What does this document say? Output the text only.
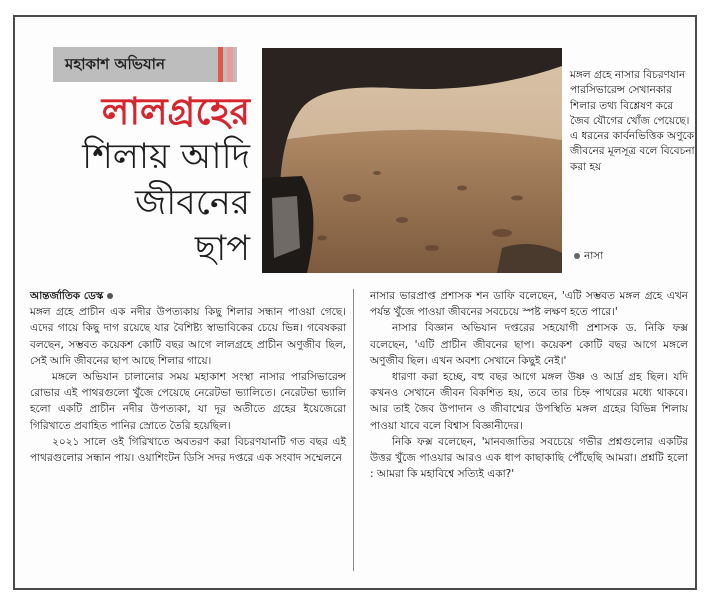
মহাকাশ অভিযান
লালগ্রহের
শিলায় আদি
জীবনের
ছাপ
মঙ্গল গ্রহে নাসার বিচরণযান পারসিভারেন্স সেখানকার শিলার তথ্য বিশ্লেষণ করে জৈব যৌগের খোঁজ পেয়েছে। এ ধরনের কার্বনভিত্তিক অণুকে জীবনের মূলসূত্র বলে বিবেচনা করা হয়
নাসা

আন্তর্জাতিক ডেস্ক

মঙ্গল গ্রহে প্রাচীন এক নদীর উপত্যকায় কিছু শিলার সন্ধান পাওয়া গেছে। এদের গায়ে কিছু দাগ রয়েছে যার বৈশিষ্ট্য স্বাভাবিকের চেয়ে ভিন্ন। গবেষকরা বলছেন, সম্ভবত কয়েকশ কোটি বছর আগে লালগ্রহে প্রাচীন অণুজীব ছিল, সেই আদি জীবনের ছাপ আছে শিলার গায়ে।

মঙ্গলে অভিযান চালানোর সময় মহাকাশ সংস্থা নাসার পারসিভারেন্স রোভার এই পাথরগুলো খুঁজে পেয়েছে নেরেটভা ভ্যালিতে। নেরেটভা ভ্যালি হলো একটি প্রাচীন নদীর উপত্যকা, যা দূর অতীতে গ্রহের ইয়েজেরো গিরিখাতে প্রবাহিত পানির স্রোতে তৈরি হয়েছিল।

২০২১ সালে ওই গিরিখাতে অবতরণ করা বিচরণযানটি গত বছর এই পাথরগুলোর সন্ধান পায়। ওয়াশিংটন ডিসি সদর দপ্তরে এক সংবাদ সম্মেলনে

নাসার ভারপ্রাপ্ত প্রশাসক শন ডাফি বলেছেন, 'এটি সম্ভবত মঙ্গল গ্রহে এখন পর্যন্ত খুঁজে পাওয়া জীবনের সবচেয়ে স্পষ্ট লক্ষণ হতে পারে।'

নাসার বিজ্ঞান অভিযান দপ্তরের সহযোগী প্রশাসক ড. নিকি ফক্স বলেছেন, 'এটি প্রাচীন জীবনের ছাপ। কয়েকশ কোটি বছর আগে মঙ্গলে অণুজীব ছিল। এখন অবশ্য সেখানে কিছুই নেই।'

ধারণা করা হচ্ছে, বহু বছর আগে মঙ্গল উষ্ণ ও আর্দ্র গ্রহ ছিল। যদি কখনও সেখানে জীবন বিকশিত হয়, তবে তার চিহ্ন পাথরের মধ্যে থাকবে। আর তাই জৈব উপাদান ও জীবাশ্মের উপস্থিতি মঙ্গল গ্রহের বিভিন্ন শিলায় পাওয়া যাবে বলে বিশ্বাস বিজ্ঞানীদের।

নিকি ফক্স বলেছেন, 'মানবজাতির সবচেয়ে গভীর প্রশ্নগুলোর একটির উত্তর খুঁজে পাওয়ার আরও এক ধাপ কাছাকাছি পৌঁছেছি আমরা। প্রশ্নটি হলো : আমরা কি মহাবিশ্বে সত্যিই একা?'
